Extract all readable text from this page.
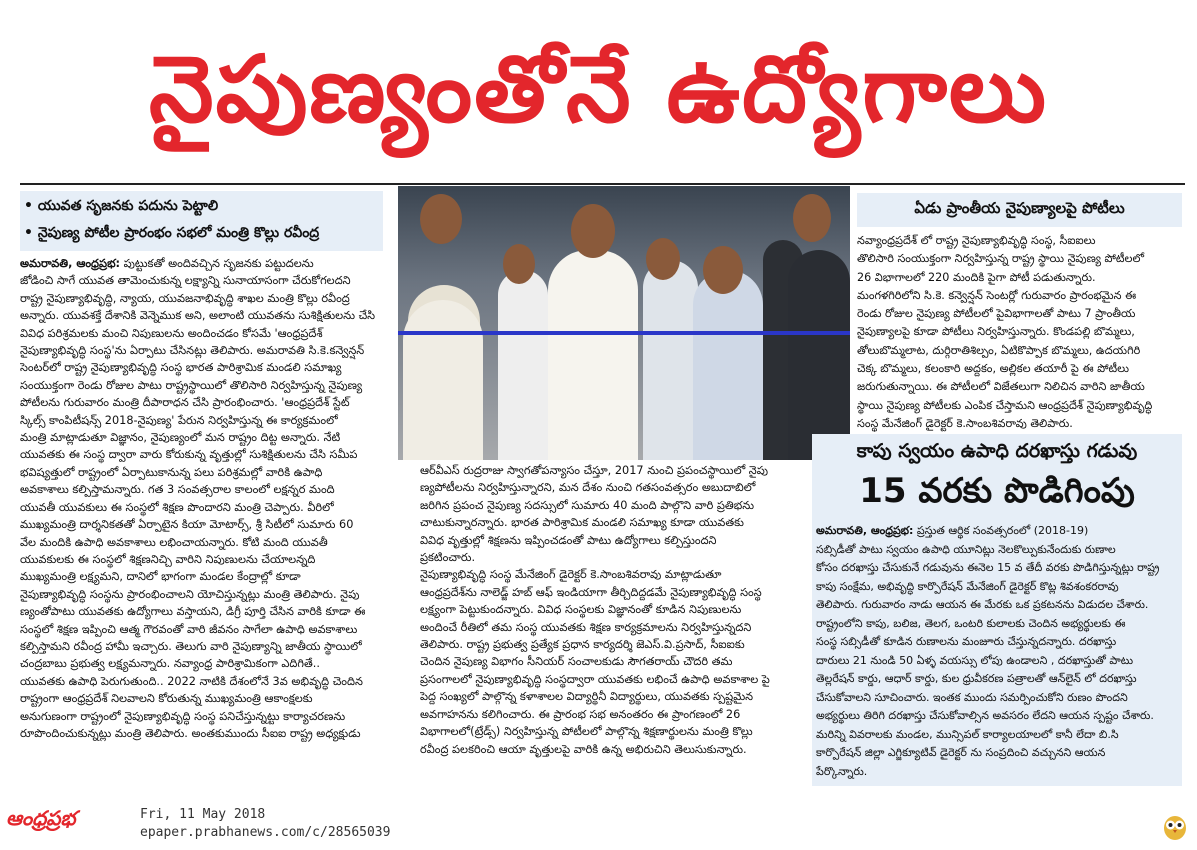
నైపుణ్యంతోనే ఉద్యోగాలు
• యువత సృజనకు పదును పెట్టాలి
• నైపుణ్య పోటీల ప్రారంభం సభలో మంత్రి కొల్లు రవీంద్ర

అమరావతి, ఆంధ్రప్రభ: పుట్టుకతో అందివచ్చిన సృజనకు పట్టుదలను

జోడించి సాగే యువత తామెంచుకున్న లక్ష్యాన్ని సునాయాసంగా చేరుకోగలదని

రాష్ట్ర నైపుణ్యాభివృద్ధి, న్యాయ, యువజనాభివృద్ధి శాఖల మంత్రి కొల్లు రవీంద్ర

అన్నారు. యువశక్తే దేశానికి వెన్నెముక అని, అలాంటి యువతను సుశిక్షితులను చేసి

వివిధ పరిశ్రమలకు మంచి నిపుణులను అందించడం కోసమే 'ఆంధ్రప్రదేశ్

నైపుణ్యాభివృద్ధి సంస్థ'ను ఏర్పాటు చేసినట్లు తెలిపారు. అమరావతి సి.కె.కన్వెన్షన్

సెంటర్‌లో రాష్ట్ర నైపుణ్యాభివృద్ధి సంస్థ భారత పారిశ్రామిక మండలి సమాఖ్య

సంయుక్తంగా రెండు రోజుల పాటు రాష్ట్రస్థాయిలో తొలిసారి నిర్వహిస్తున్న నైపుణ్య

పోటీలను గురువారం మంత్రి దీపారాధన చేసి ప్రారంభించారు. 'ఆంధ్రప్రదేశ్ స్టేట్

స్కిల్స్ కాంపిటీషన్స్ 2018-నైపుణ్య' పేరున నిర్వహిస్తున్న ఈ కార్యక్రమంలో

మంత్రి మాట్లాడుతూ విజ్ఞానం, నైపుణ్యంలో మన రాష్ట్రం దిట్ట అన్నారు. నేటి

యువతకు ఈ సంస్థ ద్వారా వారు కోరుకున్న వృత్తుల్లో సుశిక్షితులను చేసి సమీప

భవిష్యత్తులో రాష్ట్రంలో ఏర్పాటుకానున్న పలు పరిశ్రమల్లో వారికి ఉపాధి

అవకాశాలు కల్పిస్తామన్నారు. గత 3 సంవత్సరాల కాలంలో లక్షన్నర మంది

యువతీ యువకులు ఈ సంస్థలో శిక్షణ పొందారని మంత్రి చెప్పారు. వీరిలో

ముఖ్యమంత్రి దార్శనికతతో ఏర్పాటైన కియా మోటార్స్, శ్రీ సిటీలో సుమారు 60

వేల మందికి ఉపాధి అవకాశాలు లభించాయన్నారు. కోటి మంది యువతీ

యువకులకు ఈ సంస్థలో శిక్షణనిచ్చి వారిని నిపుణులను చేయాలన్నది

ముఖ్యమంత్రి లక్ష్యమని, దానిలో భాగంగా మండల కేంద్రాల్లో కూడా

నైపుణ్యాభివృద్ధి సంస్థను ప్రారంభించాలని యోచిస్తున్నట్లు మంత్రి తెలిపారు. నైపు

ణ్యంతోపాటు యువతకు ఉద్యోగాలు వస్తాయని, డిగ్రీ పూర్తి చేసిన వారికి కూడా ఈ

సంస్థలో శిక్షణ ఇప్పించి ఆత్మ గౌరవంతో వారి జీవనం సాగేలా ఉపాధి అవకాశాలు

కల్పిస్తామని రవీంద్ర హామీ ఇచ్చారు. తెలుగు వారి నైపుణ్యాన్ని జాతీయ స్థాయిలో

చంద్రబాబు ప్రభుత్వ లక్ష్యమన్నారు. నవ్యాంధ్ర పారిశ్రామికంగా ఎదిగితే..

యువతకు ఉపాధి పెరుగుతుంది.. 2022 నాటికి దేశంలోనే 3వ అభివృద్ధి చెందిన

రాష్ట్రంగా ఆంధ్రప్రదేశ్ నిలవాలని కోరుతున్న ముఖ్యమంత్రి ఆకాంక్షలకు

అనుగుణంగా రాష్ట్రంలో నైపుణ్యాభివృద్ధి సంస్థ పనిచేస్తున్నట్టు కార్యాచరణను

రూపొందించుకున్నట్లు మంత్రి తెలిపారు. అంతకుముందు సీఐఐ రాష్ట్ర అధ్యక్షుడు

ఆర్‌వీఎస్ రుద్రరాజు స్వాగతోపన్యాసం చేస్తూ, 2017 నుంచి ప్రపంచస్థాయిలో నైపు

ణ్యపోటీలను నిర్వహిస్తున్నారని, మన దేశం నుంచి గతసంవత్సరం అబుదాబిలో

జరిగిన ప్రపంచ నైపుణ్య సదస్సులో సుమారు 40 మంది పాల్గొని వారి ప్రతిభను

చాటుకున్నారన్నారు. భారత పారిశ్రామిక మండలి సమాఖ్య కూడా యువతకు

వివిధ వృత్తుల్లో శిక్షణను ఇప్పించడంతో పాటు ఉద్యోగాలు కల్పిస్తుందని

ప్రకటించారు.

నైపుణ్యాభివృద్ధి సంస్థ మేనేజింగ్ డైరెక్టర్ కె.సాంబశివరావు మాట్లాడుతూ

ఆంధ్రప్రదేశ్‌ను నాలెడ్జ్ హబ్ ఆఫ్ ఇండియాగా తీర్చిదిద్దడమే నైపుణ్యాభివృద్ధి సంస్థ

లక్ష్యంగా పెట్టుకుందన్నారు. వివిధ సంస్థలకు విజ్ఞానంతో కూడిన నిపుణులను

అందించే రీతిలో తమ సంస్థ యువతకు శిక్షణ కార్యక్రమాలను నిర్వహిస్తున్నదని

తెలిపారు. రాష్ట్ర ప్రభుత్వ ప్రత్యేక ప్రధాన కార్యదర్శి జెఎస్.వి.ప్రసాద్, సీఐఐకు

చెందిన నైపుణ్య విభాగం సీనియర్ సంచాలకుడు సౌగతరాయ్ చౌదరి తమ

ప్రసంగాలలో నైపుణ్యాభివృద్ధి సంస్థద్వారా యువతకు లభించే ఉపాధి అవకాశాల పై

పెద్ద సంఖ్యలో పాల్గొన్న కళాశాలల విద్యార్థినీ విద్యార్థులు, యువతకు స్పష్టమైన

అవగాహనను కలిగించారు. ఈ ప్రారంభ సభ అనంతరం ఈ ప్రాంగణంలో 26

విభాగాలలో(ట్రేడ్స్) నిర్వహిస్తున్న పోటీలలో పాల్గొన్న శిక్షణార్థులను మంత్రి కొల్లు

రవీంద్ర పలకరించి ఆయా వృత్తులపై వారికి ఉన్న అభిరుచిని తెలుసుకున్నారు.

ఏడు ప్రాంతీయ నైపుణ్యాలపై పోటీలు

నవ్యాంధ్రప్రదేశ్ లో రాష్ట్ర నైపుణ్యాభివృద్ధి సంస్థ, సీఐఐలు

తొలిసారి సంయుక్తంగా నిర్వహిస్తున్న రాష్ట్ర స్థాయి నైపుణ్య పోటీలలో

26 విభాగాలలో 220 మందికి పైగా పోటీ పడుతున్నారు.

మంగళగిరిలోని సి.కె. కన్వెన్షన్ సెంటర్లో గురువారం ప్రారంభమైన ఈ

రెండు రోజుల నైపుణ్య పోటీలలో పైవిభాగాలతో పాటు 7 ప్రాంతీయ

నైపుణ్యాలపై కూడా పోటీలు నిర్వహిస్తున్నారు. కొండపల్లి బొమ్మలు,

తోలుబొమ్మలాట, దుర్గిరాతిశిల్పం, ఏటికొప్పాక బొమ్మలు, ఉదయగిరి

చెక్క బొమ్మలు, కలంకారి అద్దకం, అల్లికల తయారీ పై ఈ పోటీలు

జరుగుతున్నాయి. ఈ పోటీలలో విజేతలుగా నిలిచిన వారిని జాతీయ

స్థాయి నైపుణ్య పోటీలకు ఎంపిక చేస్తామని ఆంధ్రప్రదేశ్ నైపుణ్యాభివృద్ధి

సంస్థ మేనేజింగ్ డైరెక్టర్ కె.సాంబశివరావు తెలిపారు.

కాపు స్వయం ఉపాధి దరఖాస్తు గడువు
15 వరకు పొడిగింపు

అమరావతి, ఆంధ్రప్రభ: ప్రస్తుత ఆర్థిక సంవత్సరంలో (2018-19)

సబ్సిడీతో పాటు స్వయం ఉపాధి యూనిట్లు నెలకొల్పుకునేందుకు రుణాల

కోసం దరఖాస్తు చేసుకునే గడువును ఈనెల 15 వ తేదీ వరకు పొడిగిస్తున్నట్లు రాష్ట్ర

కాపు సంక్షేమ, అభివృద్ధి కార్పొరేషన్ మేనేజింగ్ డైరెక్టర్ కొట్ల శివశంకరరావు

తెలిపారు. గురువారం నాడు ఆయన ఈ మేరకు ఒక ప్రకటనను విడుదల చేశారు.

రాష్ట్రంలోని కాపు, బలిజ, తెలగ, ఒంటరి కులాలకు చెందిన అభ్యర్థులకు ఈ

సంస్థ సబ్సిడీతో కూడిన రుణాలను మంజూరు చేస్తున్నదన్నారు. దరఖాస్తు

దారులు 21 నుండి 50 ఏళ్ళ వయస్సు లోపు ఉండాలని , దరఖాస్తుతో పాటు

తెల్లరేషన్ కార్డు, ఆధార్ కార్డు, కుల ధ్రువీకరణ పత్రాలతో ఆన్‌లైన్ లో దరఖాస్తు

చేసుకోవాలని సూచించారు. ఇంతక ముందు సమర్పించుకోని రుణం పొందని

అభ్యర్థులు తిరిగి దరఖాస్తు చేసుకోవాల్సిన అవసరం లేదని ఆయన స్పష్టం చేశారు.

మరిన్ని వివరాలకు మండల, మున్సిపల్ కార్యాలయాలలో కానీ లేదా బి.సి

కార్పొరేషన్ జిల్లా ఎగ్జిక్యూటివ్ డైరెక్టర్ ను సంప్రదించి వచ్చునని ఆయన

పేర్కొన్నారు.

ఆంధ్రప్రభ	Fri, 11 May 2018
epaper.prabhanews.com/c/28565039
